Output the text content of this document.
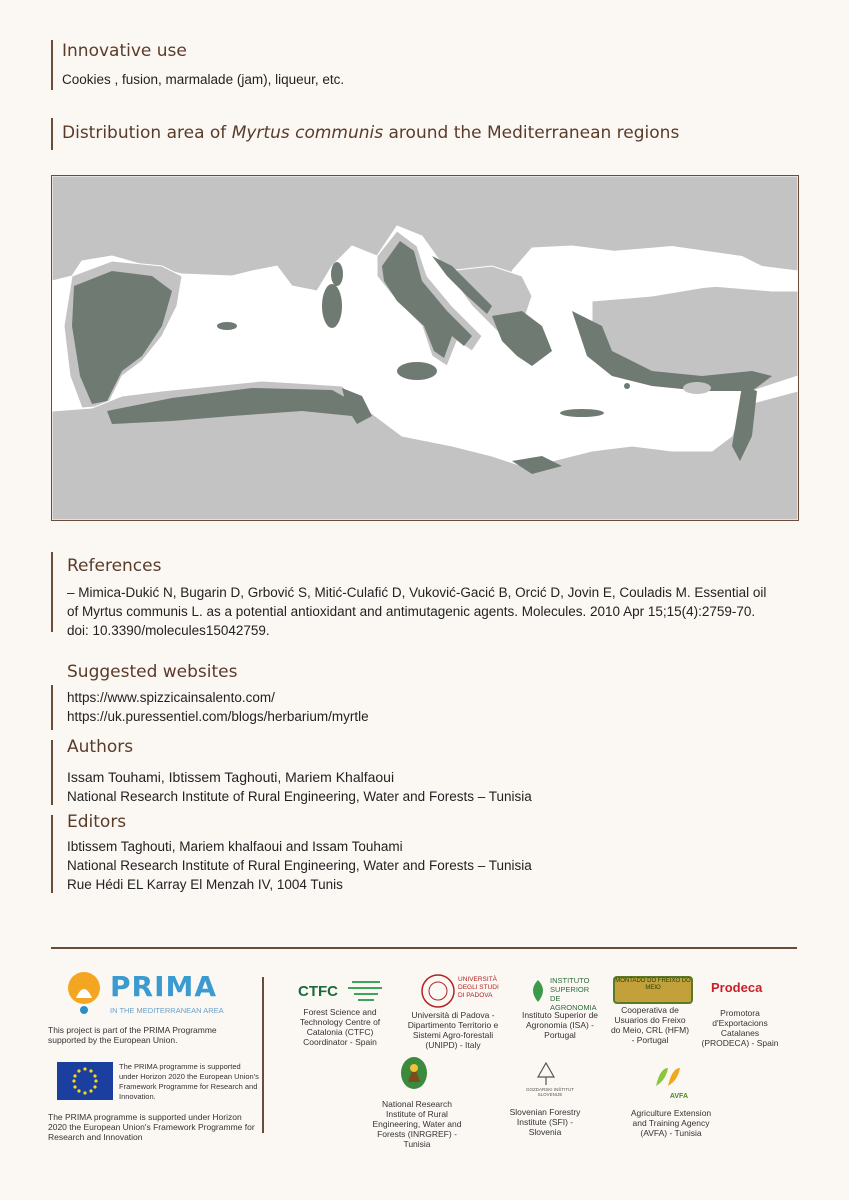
Innovative use
Cookies , fusion, marmalade (jam), liqueur, etc.
Distribution area of Myrtus communis around the Mediterranean regions
References
– Mimica-Dukić N, Bugarin D, Grbović S, Mitić-Culafić D, Vuković-Gacić B, Orcić D, Jovin E, Couladis M. Essential oil
of Myrtus communis L. as a potential antioxidant and antimutagenic agents. Molecules. 2010 Apr 15;15(4):2759-70.
doi: 10.3390/molecules15042759.
Suggested websites
https://www.spizzicainsalento.com/
https://uk.puressentiel.com/blogs/herbarium/myrtle
Authors
Issam Touhami, Ibtissem Taghouti, Mariem Khalfaoui
National Research Institute of Rural Engineering, Water and Forests – Tunisia
Editors
Ibtissem Taghouti, Mariem khalfaoui and Issam Touhami
National Research Institute of Rural Engineering, Water and Forests – Tunisia
Rue Hédi EL Karray El Menzah IV, 1004 Tunis
PRIMA
IN THE MEDITERRANEAN AREA
This project is part of the PRIMA Programme supported by the European Union.
The PRIMA programme is supported under Horizon 2020 the European Union's Framework Programme for Research and Innovation.
The PRIMA programme is supported under Horizon 2020 the European Union's Framework Programme for Research and Innovation
CTFC
Forest Science and Technology Centre of Catalonia (CTFC) Coordinator - Spain
UNIVERSITÀ DEGLI STUDI DI PADOVA
Università di Padova - Dipartimento Territorio e Sistemi Agro-forestali (UNIPD) - Italy
INSTITUTO SUPERIOR DE AGRONOMIA
Instituto Superior de Agronomia (ISA) - Portugal
MONTADO DO FREIXO DO MEIO
Cooperativa de Usuarios do Freixo do Meio, CRL (HFM) - Portugal
Prodeca
Promotora d'Exportacions Catalanes (PRODECA) - Spain
National Research Institute of Rural Engineering, Water and Forests (INRGREF) - Tunisia
GOZDARSKI INŠTITUT SLOVENIJE
Slovenian Forestry Institute (SFI) - Slovenia
AVFA
Agriculture Extension and Training Agency (AVFA) - Tunisia
